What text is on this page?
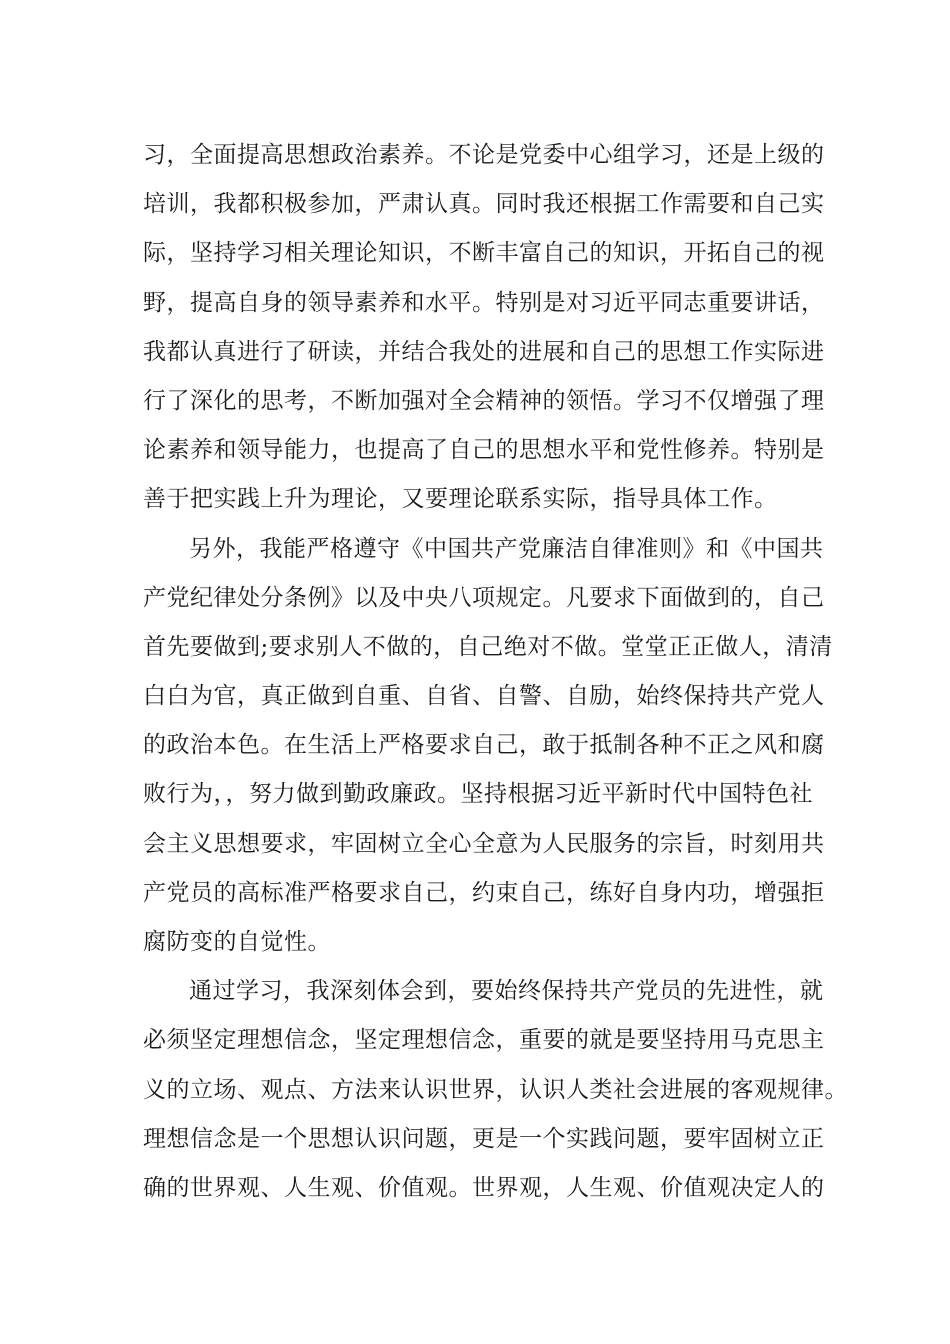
习，全面提高思想政治素养。不论是党委中心组学习，还是上级的
培训，我都积极参加，严肃认真。同时我还根据工作需要和自己实
际，坚持学习相关理论知识，不断丰富自己的知识，开拓自己的视
野，提高自身的领导素养和水平。特别是对习近平同志重要讲话，
我都认真进行了研读，并结合我处的进展和自己的思想工作实际进
行了深化的思考，不断加强对全会精神的领悟。学习不仅增强了理
论素养和领导能力，也提高了自己的思想水平和党性修养。特别是
善于把实践上升为理论，又要理论联系实际，指导具体工作。
另外，我能严格遵守《中国共产党廉洁自律准则》和《中国共
产党纪律处分条例》以及中央八项规定。凡要求下面做到的，自己
首先要做到;要求别人不做的，自己绝对不做。堂堂正正做人，清清
白白为官，真正做到自重、自省、自警、自励，始终保持共产党人
的政治本色。在生活上严格要求自己，敢于抵制各种不正之风和腐
败行为，，努力做到勤政廉政。坚持根据习近平新时代中国特色社
会主义思想要求，牢固树立全心全意为人民服务的宗旨，时刻用共
产党员的高标准严格要求自己，约束自己，练好自身内功，增强拒
腐防变的自觉性。
通过学习，我深刻体会到，要始终保持共产党员的先进性，就
必须坚定理想信念，坚定理想信念，重要的就是要坚持用马克思主
义的立场、观点、方法来认识世界，认识人类社会进展的客观规律。
理想信念是一个思想认识问题，更是一个实践问题，要牢固树立正
确的世界观、人生观、价值观。世界观，人生观、价值观决定人的
